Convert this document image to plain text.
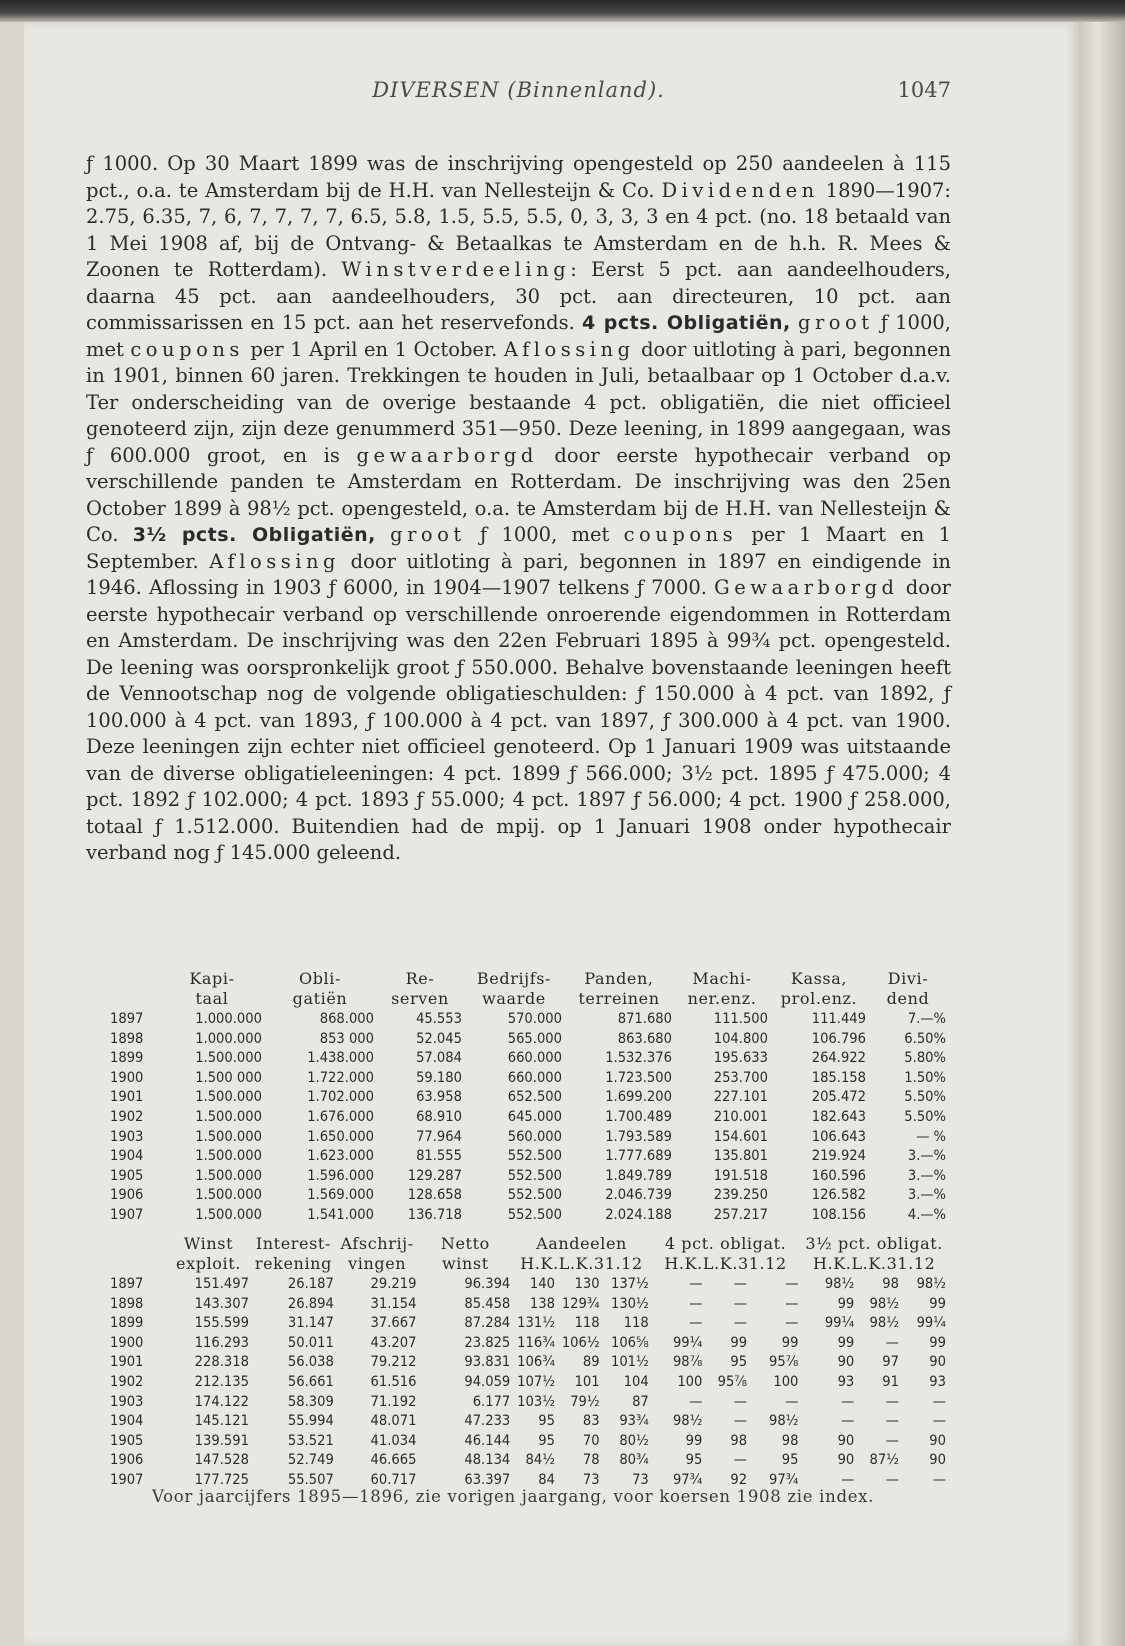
DIVERSEN (Binnenland).	1047
ƒ 1000. Op 30 Maart 1899 was de inschrijving opengesteld op 250 aandeelen à 115 pct., o.a. te Amsterdam bij de H.H. van Nellesteijn & Co. Dividenden 1890—1907: 2.75, 6.35, 7, 6, 7, 7, 7, 7, 6.5, 5.8, 1.5, 5.5, 5.5, 0, 3, 3, 3 en 4 pct. (no. 18 betaald van 1 Mei 1908 af, bij de Ontvang- & Betaalkas te Amsterdam en de h.h. R. Mees & Zoonen te Rotterdam). Winstverdeeling: Eerst 5 pct. aan aandeelhouders, daarna 45 pct. aan aandeelhouders, 30 pct. aan directeuren, 10 pct. aan commissarissen en 15 pct. aan het reservefonds. 4 pcts. Obligatiën, groot ƒ 1000, met coupons per 1 April en 1 October. Aflossing door uitloting à pari, begonnen in 1901, binnen 60 jaren. Trekkingen te houden in Juli, betaalbaar op 1 October d.a.v. Ter onderscheiding van de overige bestaande 4 pct. obligatiën, die niet officieel genoteerd zijn, zijn deze genummerd 351—950. Deze leening, in 1899 aangegaan, was ƒ 600.000 groot, en is gewaarborgd door eerste hypothecair verband op verschillende panden te Amsterdam en Rotterdam. De inschrijving was den 25en October 1899 à 98½ pct. opengesteld, o.a. te Amsterdam bij de H.H. van Nellesteijn & Co. 3½ pcts. Obligatiën, groot ƒ 1000, met coupons per 1 Maart en 1 September. Aflossing door uitloting à pari, begonnen in 1897 en eindigende in 1946. Aflossing in 1903 ƒ 6000, in 1904—1907 telkens ƒ 7000. Gewaarborgd door eerste hypothecair verband op verschillende onroerende eigendommen in Rotterdam en Amsterdam. De inschrijving was den 22en Februari 1895 à 99¾ pct. opengesteld. De leening was oorspronkelijk groot ƒ 550.000. Behalve bovenstaande leeningen heeft de Vennootschap nog de volgende obligatieschulden: ƒ 150.000 à 4 pct. van 1892, ƒ 100.000 à 4 pct. van 1893, ƒ 100.000 à 4 pct. van 1897, ƒ 300.000 à 4 pct. van 1900. Deze leeningen zijn echter niet officieel genoteerd. Op 1 Januari 1909 was uitstaande van de diverse obligatieleeningen: 4 pct. 1899 ƒ 566.000; 3½ pct. 1895 ƒ 475.000; 4 pct. 1892 ƒ 102.000; 4 pct. 1893 ƒ 55.000; 4 pct. 1897 ƒ 56.000; 4 pct. 1900 ƒ 258.000, totaal ƒ 1.512.000. Buitendien had de mpij. op 1 Januari 1908 onder hypothecair verband nog ƒ 145.000 geleend.
	Kapi-	Obli-	Re-	Bedrijfs-	Panden,	Machi-	Kassa,	Divi-
	taal	gatiën	serven	waarde	terreinen	ner.enz.	prol.enz.	dend
1897	1.000.000	868.000	45.553	570.000	871.680	111.500	111.449	7.—%
1898	1.000.000	853 000	52.045	565.000	863.680	104.800	106.796	6.50%
1899	1.500.000	1.438.000	57.084	660.000	1.532.376	195.633	264.922	5.80%
1900	1.500 000	1.722.000	59.180	660.000	1.723.500	253.700	185.158	1.50%
1901	1.500.000	1.702.000	63.958	652.500	1.699.200	227.101	205.472	5.50%
1902	1.500.000	1.676.000	68.910	645.000	1.700.489	210.001	182.643	5.50%
1903	1.500.000	1.650.000	77.964	560.000	1.793.589	154.601	106.643	— %
1904	1.500.000	1.623.000	81.555	552.500	1.777.689	135.801	219.924	3.—%
1905	1.500.000	1.596.000	129.287	552.500	1.849.789	191.518	160.596	3.—%
1906	1.500.000	1.569.000	128.658	552.500	2.046.739	239.250	126.582	3.—%
1907	1.500.000	1.541.000	136.718	552.500	2.024.188	257.217	108.156	4.—%
	Winst	Interest-	Afschrij-	Netto	Aandeelen			4 pct. obligat.			3½ pct. obligat.		
	exploit.	rekening	vingen	winst	H.K.L.K.31.12			H.K.L.K.31.12			H.K.L.K.31.12		
1897	151.497	26.187	29.219	96.394	140	130	137½	—	—	—	98½	98	98½
1898	143.307	26.894	31.154	85.458	138	129¾	130½	—	—	—	99	98½	99
1899	155.599	31.147	37.667	87.284	131½	118	118	—	—	—	99¼	98½	99¼
1900	116.293	50.011	43.207	23.825	116¾	106½	106⅝	99¼	99	99	99	—	99
1901	228.318	56.038	79.212	93.831	106¾	89	101½	98⅞	95	95⅞	90	97	90
1902	212.135	56.661	61.516	94.059	107½	101	104	100	95⅞	100	93	91	93
1903	174.122	58.309	71.192	6.177	103½	79½	87	—	—	—	—	—	—
1904	145.121	55.994	48.071	47.233	95	83	93¾	98½	—	98½	—	—	—
1905	139.591	53.521	41.034	46.144	95	70	80½	99	98	98	90	—	90
1906	147.528	52.749	46.665	48.134	84½	78	80¾	95	—	95	90	87½	90
1907	177.725	55.507	60.717	63.397	84	73	73	97¾	92	97¾	—	—	—
Voor jaarcijfers 1895—1896, zie vorigen jaargang, voor koersen 1908 zie index.
